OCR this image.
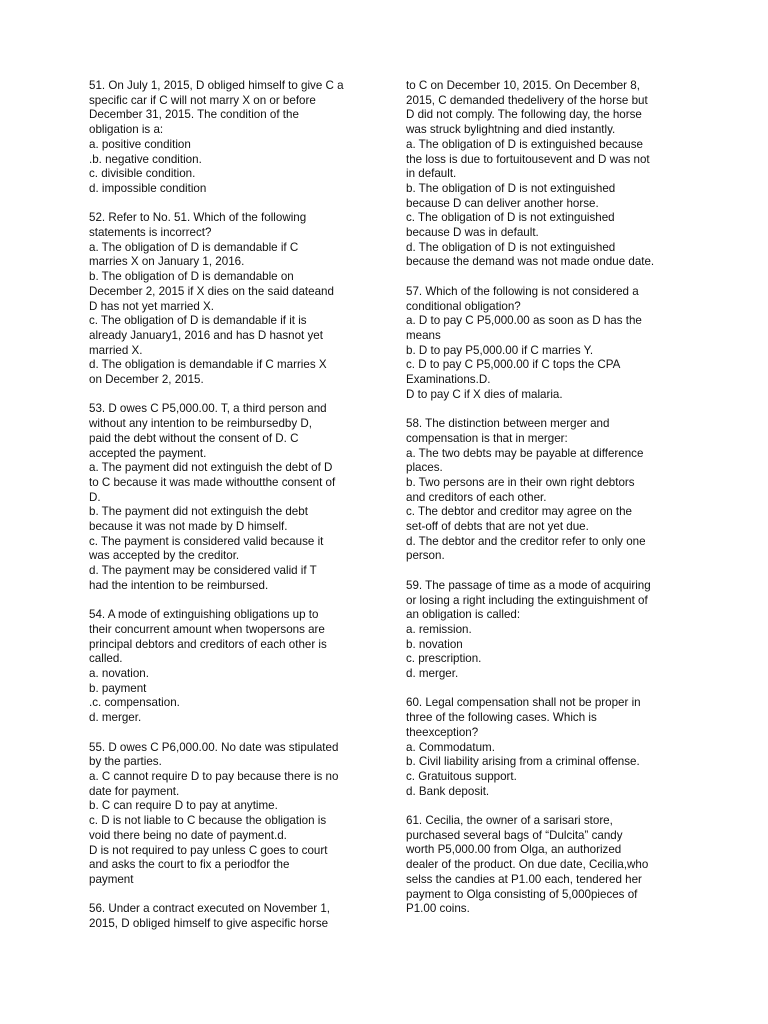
51. On July 1, 2015, D obliged himself to give C a
specific car if C will not marry X on or before
December 31, 2015. The condition of the
obligation is a:
a. positive condition
.b. negative condition.
c. divisible condition.
d. impossible condition
52. Refer to No. 51. Which of the following
statements is incorrect?
a. The obligation of D is demandable if C
marries X on January 1, 2016.
b. The obligation of D is demandable on
December 2, 2015 if X dies on the said dateand
D has not yet married X.
c. The obligation of D is demandable if it is
already January1, 2016 and has D hasnot yet
married X.
d. The obligation is demandable if C marries X
on December 2, 2015.
53. D owes C P5,000.00. T, a third person and
without any intention to be reimbursedby D,
paid the debt without the consent of D. C
accepted the payment.
a. The payment did not extinguish the debt of D
to C because it was made withoutthe consent of
D.
b. The payment did not extinguish the debt
because it was not made by D himself.
c. The payment is considered valid because it
was accepted by the creditor.
d. The payment may be considered valid if T
had the intention to be reimbursed.
54. A mode of extinguishing obligations up to
their concurrent amount when twopersons are
principal debtors and creditors of each other is
called.
a. novation.
b. payment
.c. compensation.
d. merger.
55. D owes C P6,000.00. No date was stipulated
by the parties.
a. C cannot require D to pay because there is no
date for payment.
b. C can require D to pay at anytime.
c. D is not liable to C because the obligation is
void there being no date of payment.d.
D is not required to pay unless C goes to court
and asks the court to fix a periodfor the
payment
56. Under a contract executed on November 1,
2015, D obliged himself to give aspecific horse
to C on December 10, 2015. On December 8,
2015, C demanded thedelivery of the horse but
D did not comply. The following day, the horse
was struck bylightning and died instantly.
a. The obligation of D is extinguished because
the loss is due to fortuitousevent and D was not
in default.
b. The obligation of D is not extinguished
because D can deliver another horse.
c. The obligation of D is not extinguished
because D was in default.
d. The obligation of D is not extinguished
because the demand was not made ondue date.
57. Which of the following is not considered a
conditional obligation?
a. D to pay C P5,000.00 as soon as D has the
means
b. D to pay P5,000.00 if C marries Y.
c. D to pay C P5,000.00 if C tops the CPA
Examinations.D.
D to pay C if X dies of malaria.
58. The distinction between merger and
compensation is that in merger:
a. The two debts may be payable at difference
places.
b. Two persons are in their own right debtors
and creditors of each other.
c. The debtor and creditor may agree on the
set-off of debts that are not yet due.
d. The debtor and the creditor refer to only one
person.
59. The passage of time as a mode of acquiring
or losing a right including the extinguishment of
an obligation is called:
a. remission.
b. novation
c. prescription.
d. merger.
60. Legal compensation shall not be proper in
three of the following cases. Which is
theexception?
a. Commodatum.
b. Civil liability arising from a criminal offense.
c. Gratuitous support.
d. Bank deposit.
61. Cecilia, the owner of a sarisari store,
purchased several bags of “Dulcita” candy
worth P5,000.00 from Olga, an authorized
dealer of the product. On due date, Cecilia,who
selss the candies at P1.00 each, tendered her
payment to Olga consisting of 5,000pieces of
P1.00 coins.
